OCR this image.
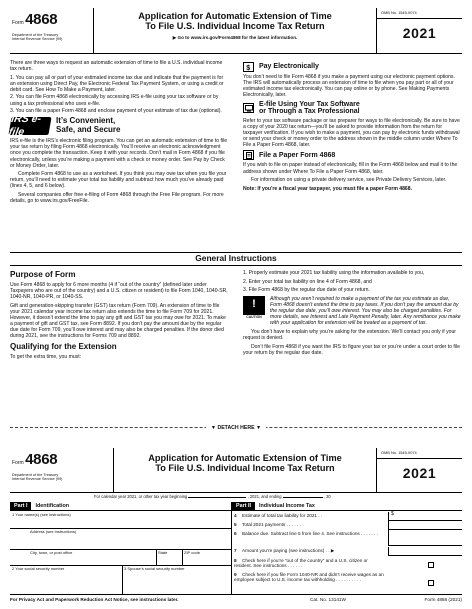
Form 4868
Department of the Treasury
Internal Revenue Service (99)
Application for Automatic Extension of Time
To File U.S. Individual Income Tax Return
▶ Go to www.irs.gov/Form4868 for the latest information.
OMB No. 1545-0074
2021

There are three ways to request an automatic extension of time to file a U.S. individual income tax return.

1. You can pay all or part of your estimated income tax due and indicate that the payment is for an extension using Direct Pay, the Electronic Federal Tax Payment System, or using a credit or debit card. See How To Make a Payment, later.
2. You can file Form 4868 electronically by accessing IRS e-file using your tax software or by using a tax professional who uses e-file.
3. You can file a paper Form 4868 and enclose payment of your estimate of tax due (optional).
IRS e-file
It’s Convenient,
Safe, and Secure

IRS e-file is the IRS’s electronic filing program. You can get an automatic extension of time to file your tax return by filing Form 4868 electronically. You’ll receive an electronic acknowledgment once you complete the transaction. Keep it with your records. Don’t mail in Form 4868 if you file electronically, unless you’re making a payment with a check or money order. See Pay by Check or Money Order, later.

Complete Form 4868 to use as a worksheet. If you think you may owe tax when you file your return, you’ll need to estimate your total tax liability and subtract how much you’ve already paid (lines 4, 5, and 6 below).

Several companies offer free e-filing of Form 4868 through the Free File program. For more details, go to www.irs.gov/FreeFile.

$ Pay Electronically

You don’t need to file Form 4868 if you make a payment using our electronic payment options. The IRS will automatically process an extension of time to file when you pay part or all of your estimated income tax electronically. You can pay online or by phone. See Making Payments Electronically, later.

E-file Using Your Tax Software
or Through a Tax Professional

Refer to your tax software package or tax preparer for ways to file electronically. Be sure to have a copy of your 2020 tax return—you’ll be asked to provide information from the return for taxpayer verification. If you wish to make a payment, you can pay by electronic funds withdrawal or send your check or money order to the address shown in the middle column under Where To File a Paper Form 4868, later.

File a Paper Form 4868

If you wish to file on paper instead of electronically, fill in the Form 4868 below and mail it to the address shown under Where To File a Paper Form 4868, later.

For information on using a private delivery service, see Private Delivery Services, later.

Note: If you’re a fiscal year taxpayer, you must file a paper Form 4868.

General Instructions
Purpose of Form

Use Form 4868 to apply for 6 more months (4 if “out of the country” (defined later under Taxpayers who are out of the country) and a U.S. citizen or resident) to file Form 1040, 1040-SR, 1040-NR, 1040-PR, or 1040-SS.

Gift and generation-skipping transfer (GST) tax return (Form 709). An extension of time to file your 2021 calendar year income tax return also extends the time to file Form 709 for 2021. However, it doesn’t extend the time to pay any gift and GST tax you may owe for 2021. To make a payment of gift and GST tax, see Form 8892. If you don’t pay the amount due by the regular due date for Form 709, you’ll owe interest and may also be charged penalties. If the donor died during 2021, see the instructions for Forms 709 and 8892.

Qualifying for the Extension

To get the extra time, you must:

1. Properly estimate your 2021 tax liability using the information available to you,

2. Enter your total tax liability on line 4 of Form 4868, and

3. File Form 4868 by the regular due date of your return.

!
CAUTION
Although you aren’t required to make a payment of the tax you estimate as due, Form 4868 doesn’t extend the time to pay taxes. If you don’t pay the amount due by the regular due date, you’ll owe interest. You may also be charged penalties. For more details, see Interest and Late Payment Penalty, later. Any remittance you make with your application for extension will be treated as a payment of tax.

You don’t have to explain why you’re asking for the extension. We’ll contact you only if your request is denied.

Don’t file Form 4868 if you want the IRS to figure your tax or you’re under a court order to file your return by the regular due date.

▼ DETACH HERE ▼
Form 4868
Department of the Treasury
Internal Revenue Service (99)
Application for Automatic Extension of Time
To File U.S. Individual Income Tax Return
OMB No. 1545-0074
2021
For calendar year 2021, or other tax year beginning	, 2021, and ending	, 20
Part I	Identification
1 Your name(s) (see instructions)
Address (see instructions)
City, town, or post office	State	ZIP code
2 Your social security number	3 Spouse’s social security number
Part II	Individual Income Tax
4 Estimate of total tax liability for 2021 . .	$
5 Total 2021 payments . . . . . .
6 Balance due. Subtract line 5 from line 4. See instructions . . . . . . .
7 Amount you’re paying (see instructions) . . ▶
8 Check here if you’re “out of the country” and a U.S. citizen or resident. See instructions . . . . . .
9 Check here if you file Form 1040-NR and didn’t receive wages as an employee subject to U.S. income tax withholding . . . . . . . . . .
For Privacy Act and Paperwork Reduction Act Notice, see instructions later.	Cat. No. 13141W	Form 4868 (2021)
